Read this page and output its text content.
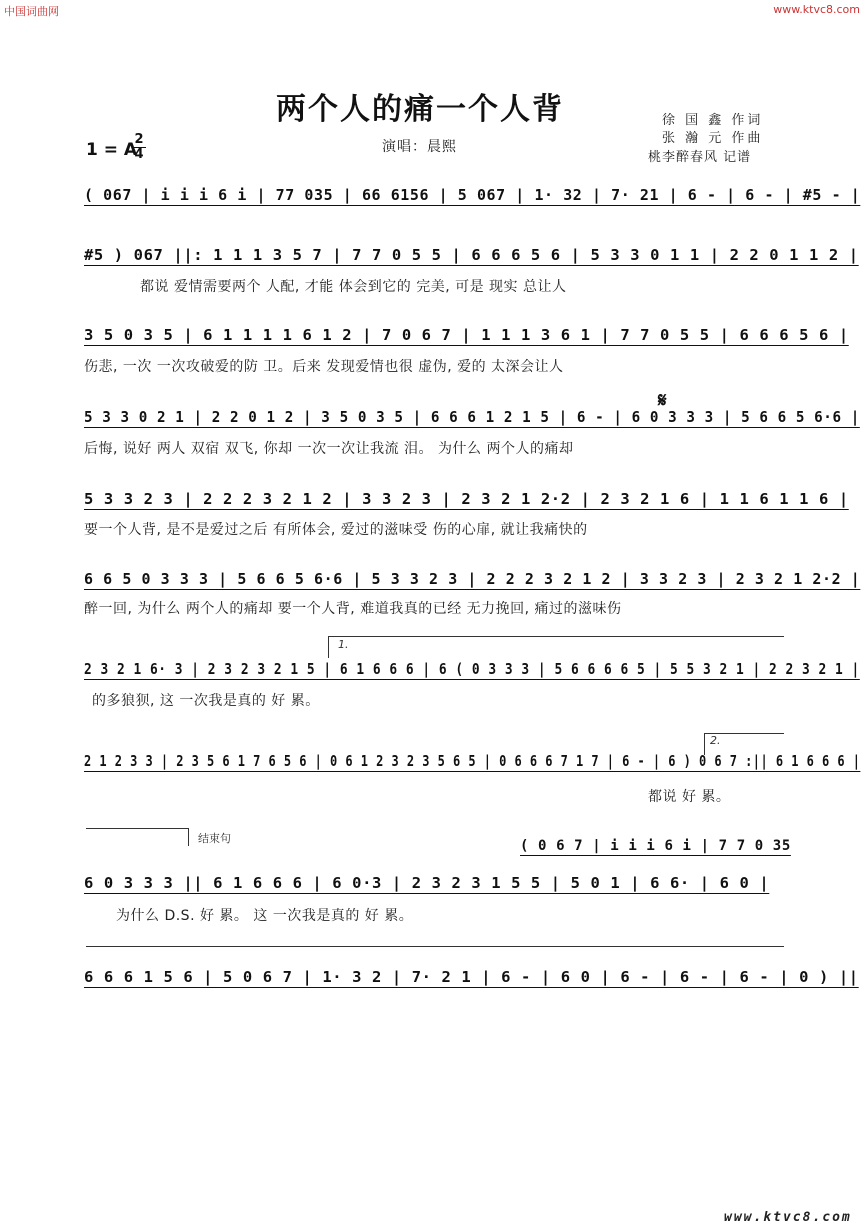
中国词曲网	www.ktvc8.com
两个人的痛一个人背	徐 国 鑫 作词
张 瀚 元 作曲
桃李醉春风 记谱
1 = A
2
4	演唱：晨熙
( 067 | i i i 6 i | 77 035 | 66 6156 | 5 067 | 1· 32 | 7· 21 | 6 - | 6 - | #5 - |
#5 ) 067 ||: 1 1 1 3 5 7 | 7 7 0 5 5 | 6 6 6 5 6 | 5 3 3 0 1 1 | 2 2 0 1 1 2 |
都说 爱情需要两个 人配, 才能 体会到它的 完美, 可是 现实 总让人
3 5 0 3 5 | 6 1 1 1 1 6 1 2 | 7 0 6 7 | 1 1 1 3 6 1 | 7 7 0 5 5 | 6 6 6 5 6 |
伤悲, 一次 一次攻破爱的防 卫。后来 发现爱情也很 虚伪, 爱的 太深会让人
𝄋
5 3 3 0 2 1 | 2 2 0 1 2 | 3 5 0 3 5 | 6 6 6 1 2 1 5 | 6 - | 6 0 3 3 3 | 5 6 6 5 6·6 |
后悔, 说好 两人 双宿 双飞, 你却 一次一次让我流 泪。 为什么 两个人的痛却
5 3 3 2 3 | 2 2 2 3 2 1 2 | 3 3 2 3 | 2 3 2 1 2·2 | 2 3 2 1 6 | 1 1 6 1 1 6 |
要一个人背, 是不是爱过之后 有所体会, 爱过的滋味受 伤的心扉, 就让我痛快的
6 6 5 0 3 3 3 | 5 6 6 5 6·6 | 5 3 3 2 3 | 2 2 2 3 2 1 2 | 3 3 2 3 | 2 3 2 1 2·2 |
醉一回, 为什么 两个人的痛却 要一个人背, 难道我真的已经 无力挽回, 痛过的滋味伤
1.
2 3 2 1 6· 3 | 2 3 2 3 2 1 5 | 6 1 6 6 6 | 6 ( 0 3 3 3 | 5 6 6 6 6 5 | 5 5 3 2 1 | 2 2 3 2 1 |
的多狼狈, 这 一次我是真的 好 累。
2.
2 1 2 3 3 | 2 3 5 6 1 7 6 5 6 | 0 6 1 2 3 2 3 5 6 5 | 0 6 6 6 7 1 7 | 6 - | 6 ) 0 6 7 :|| 6 1 6 6 6 |
都说 好 累。
结束句	( 0 6 7 | i i i 6 i | 7 7 0 35
6 0 3 3 3 || 6 1 6 6 6 | 6 0·3 | 2 3 2 3 1 5 5 | 5 0 1 | 6 6· | 6 0 |
为什么 D.S. 好 累。 这 一次我是真的 好 累。
6 6 6 1 5 6 | 5 0 6 7 | 1· 3 2 | 7· 2 1 | 6 - | 6 0 | 6 - | 6 - | 6 - | 0 ) ||
www.ktvc8.com
